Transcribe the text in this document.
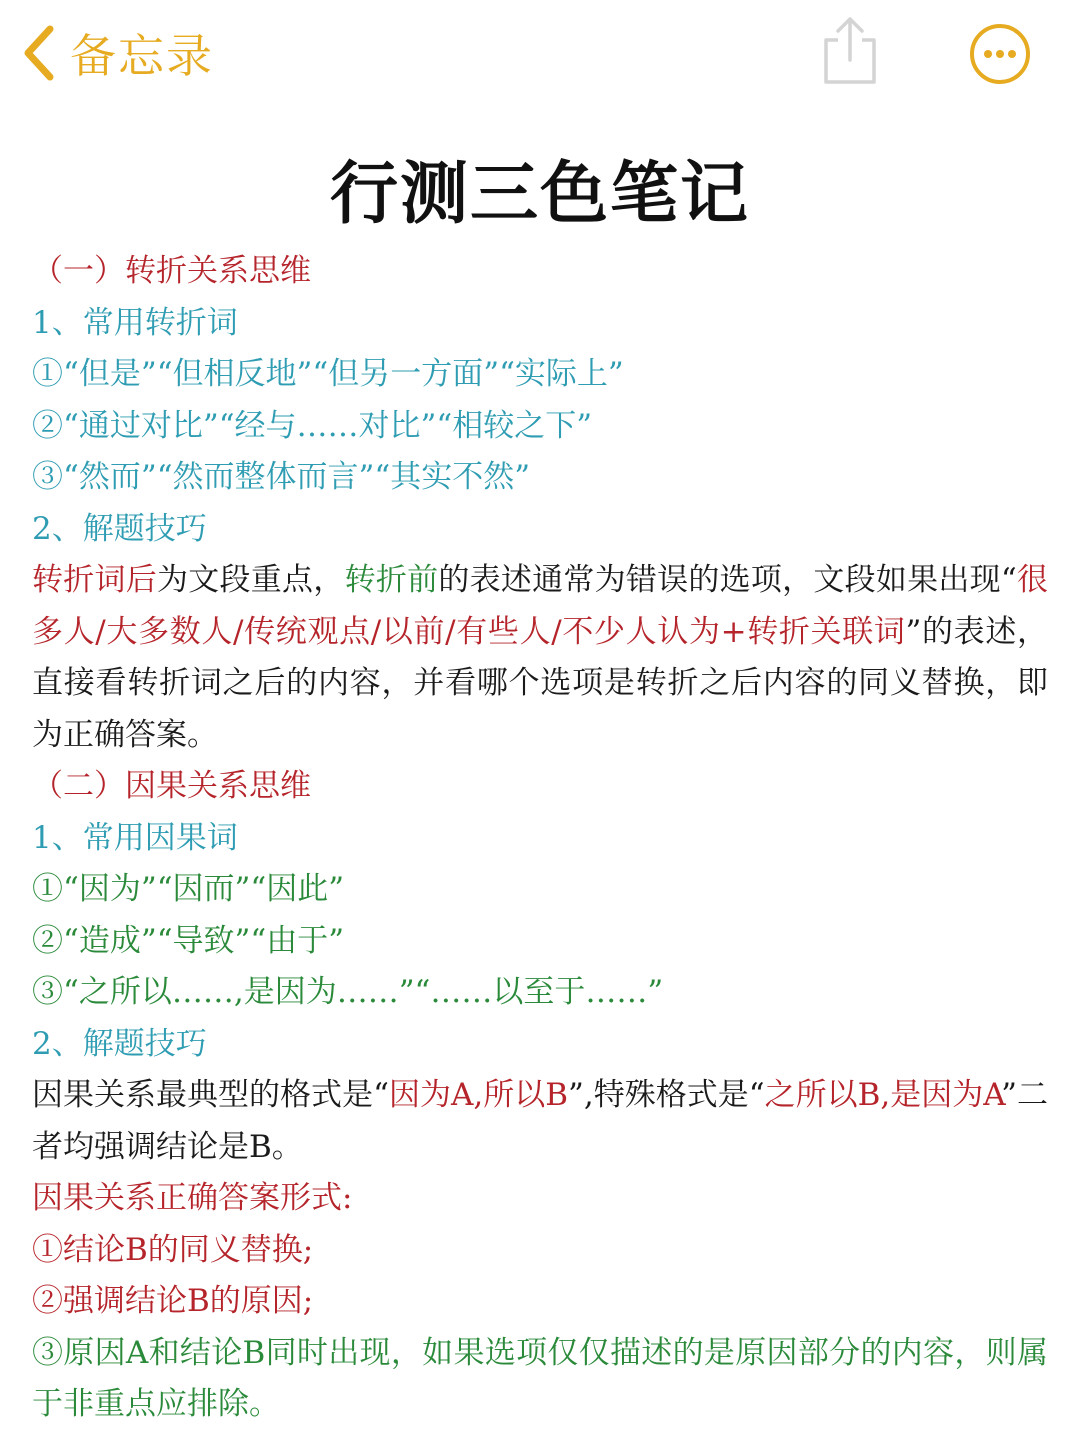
备忘录
行测三色笔记

（一）转折关系思维

1、常用转折词

①“但是”“但相反地”“但另一方面”“实际上”

②“通过对比”“经与……对比”“相较之下”

③“然而”“然而整体而言”“其实不然”

2、解题技巧

转折词后为文段重点，转折前的表述通常为错误的选项，文段如果出现“很多人/大多数人/传统观点/以前/有些人/不少人认为+转折关联词”的表述，直接看转折词之后的内容，并看哪个选项是转折之后内容的同义替换，即为正确答案。

（二）因果关系思维

1、常用因果词

①“因为”“因而”“因此”

②“造成”“导致”“由于”

③“之所以……,是因为……”“……以至于……”

2、解题技巧

因果关系最典型的格式是“因为A,所以B”,特殊格式是“之所以B,是因为A”二者均强调结论是B。

因果关系正确答案形式:

①结论B的同义替换;

②强调结论B的原因;

③原因A和结论B同时出现，如果选项仅仅描述的是原因部分的内容，则属于非重点应排除。
